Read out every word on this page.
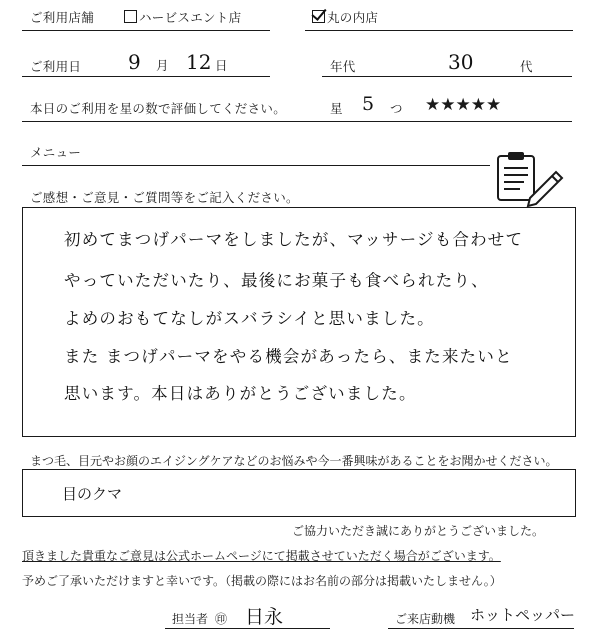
ご利用店舗	ハービスエント店	丸の内店
ご利用日 9 月 12 日	年代	30	代
本日のご利用を星の数で評価してください。	星 5 つ ★★★★★
メニュー
ご感想・ご意見・ご質問等をご記入ください。
初めてまつげパーマをしましたが、マッサージも合わせて
やっていただいたり、最後にお菓子も食べられたり、
よめのおもてなしがスバラシイと思いました。
また まつげパーマをやる機会があったら、また来たいと
思います。本日はありがとうございました。
まつ毛、目元やお顔のエイジングケアなどのお悩みや今一番興味があることをお聞かせください。
目のクマ
ご協力いただき誠にありがとうございました。
頂きました貴重なご意見は公式ホームページにて掲載させていただく場合がございます。
予めご了承いただけますと幸いです。（掲載の際にはお名前の部分は掲載いたしません。）
担当者 ㊞ 日永	ご来店動機 ホットペッパー
